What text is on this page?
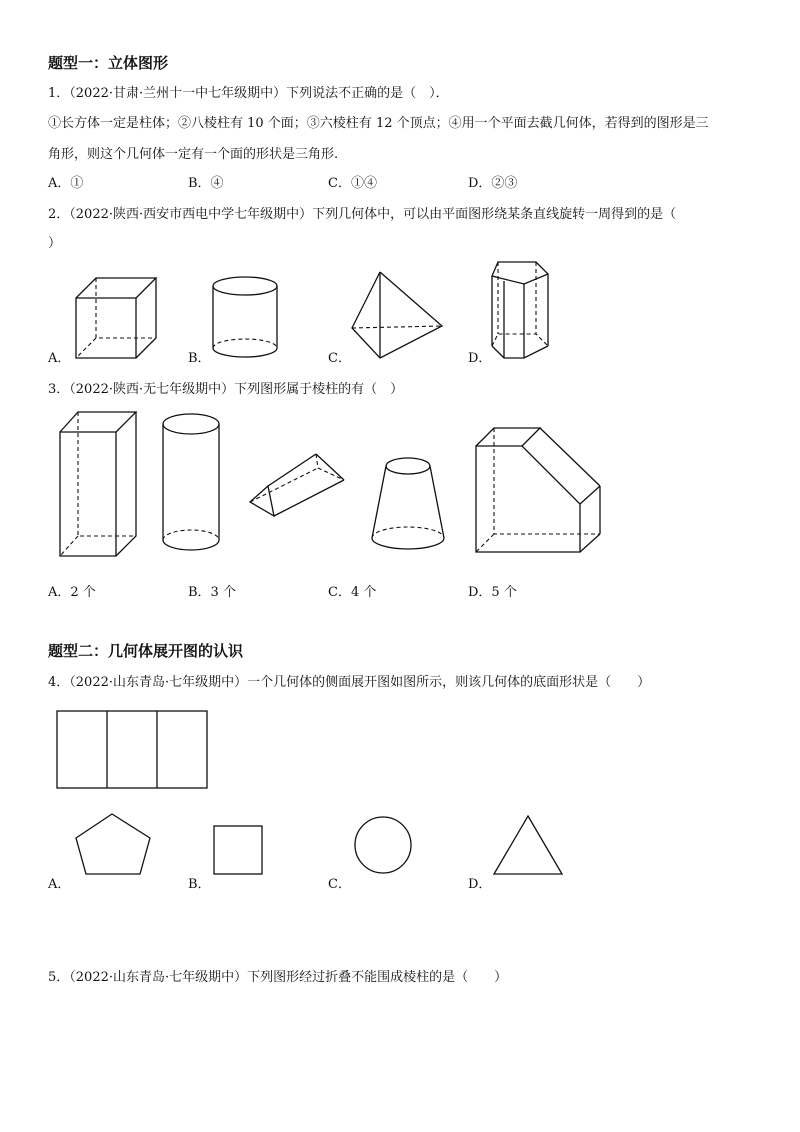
题型一：立体图形
1．（2022·甘肃·兰州十一中七年级期中）下列说法不正确的是（　）．
①长方体一定是柱体；②八棱柱有 10 个面；③六棱柱有 12 个顶点；④用一个平面去截几何体，若得到的图形是三
角形，则这个几何体一定有一个面的形状是三角形.
A．①	B．④	C．①④	D．②③
2．（2022·陕西·西安市西电中学七年级期中）下列几何体中，可以由平面图形绕某条直线旋转一周得到的是（
）
A．	B．	C．	D．
3．（2022·陕西·无七年级期中）下列图形属于棱柱的有（　）
A．2 个	B．3 个	C．4 个	D．5 个
题型二：几何体展开图的认识
4．（2022·山东青岛·七年级期中）一个几何体的侧面展开图如图所示，则该几何体的底面形状是（　　）
A．	B．	C．	D．
5．（2022·山东青岛·七年级期中）下列图形经过折叠不能围成棱柱的是（　　）
